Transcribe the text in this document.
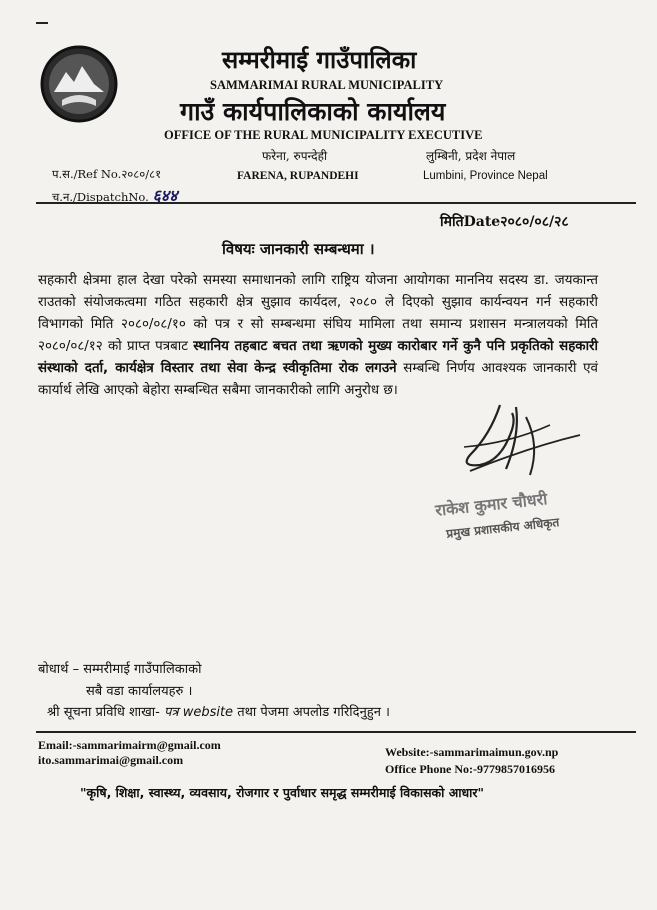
सम्मरीमाई गाउँपालिका
SAMMARIMAI RURAL MUNICIPALITY
गाउँ कार्यपालिकाको कार्यालय
OFFICE OF THE RURAL MUNICIPALITY EXECUTIVE
फरेना, रुपन्देही
FARENA, RUPANDEHI
लुम्बिनी, प्रदेश नेपाल
Lumbini, Province Nepal
प.स./Ref No.२०८०/८१
च.न./DispatchNo. ६४४
मितिDate२०८०/०८/२८
विषयः जानकारी सम्बन्धमा ।
सहकारी क्षेत्रमा हाल देखा परेको समस्या समाधानको लागि राष्ट्रिय योजना आयोगका माननिय सदस्य डा. जयकान्त राउतको संयोजकत्वमा गठित सहकारी क्षेत्र सुझाव कार्यदल, २०८० ले दिएको सुझाव कार्यन्वयन गर्न सहकारी विभागको मिति २०८०/०८/१० को पत्र र सो सम्बन्धमा संघिय मामिला तथा समान्य प्रशासन मन्त्रालयको मिति २०८०/०८/१२ को प्राप्त पत्रबाट स्थानिय तहबाट बचत तथा ऋणको मुख्य कारोबार गर्ने कुनै पनि प्रकृतिको सहकारी संस्थाको दर्ता, कार्यक्षेत्र विस्तार तथा सेवा केन्द्र स्वीकृतिमा रोक लगउने सम्बन्धि निर्णय आवश्यक जानकारी एवं कार्यार्थ लेखि आएको बेहोरा सम्बन्धित सबैमा जानकारीको लागि अनुरोध छ।
राकेश कुमार चौधरी
प्रमुख प्रशासकीय अधिकृत
बोधार्थ – सम्मरीमाई गाउँपालिकाको
सबै वडा कार्यालयहरु ।
श्री सूचना प्रविधि शाखा- पत्र website तथा पेजमा अपलोड गरिदिनुहुन ।
Email:-sammarimairm@gmail.com
ito.sammarimai@gmail.com
Website:-sammarimaimun.gov.np
Office Phone No:-9779857016956
"कृषि, शिक्षा, स्वास्थ्य, व्यवसाय, रोजगार र पुर्वाधार समृद्ध सम्मरीमाई विकासको आधार"
